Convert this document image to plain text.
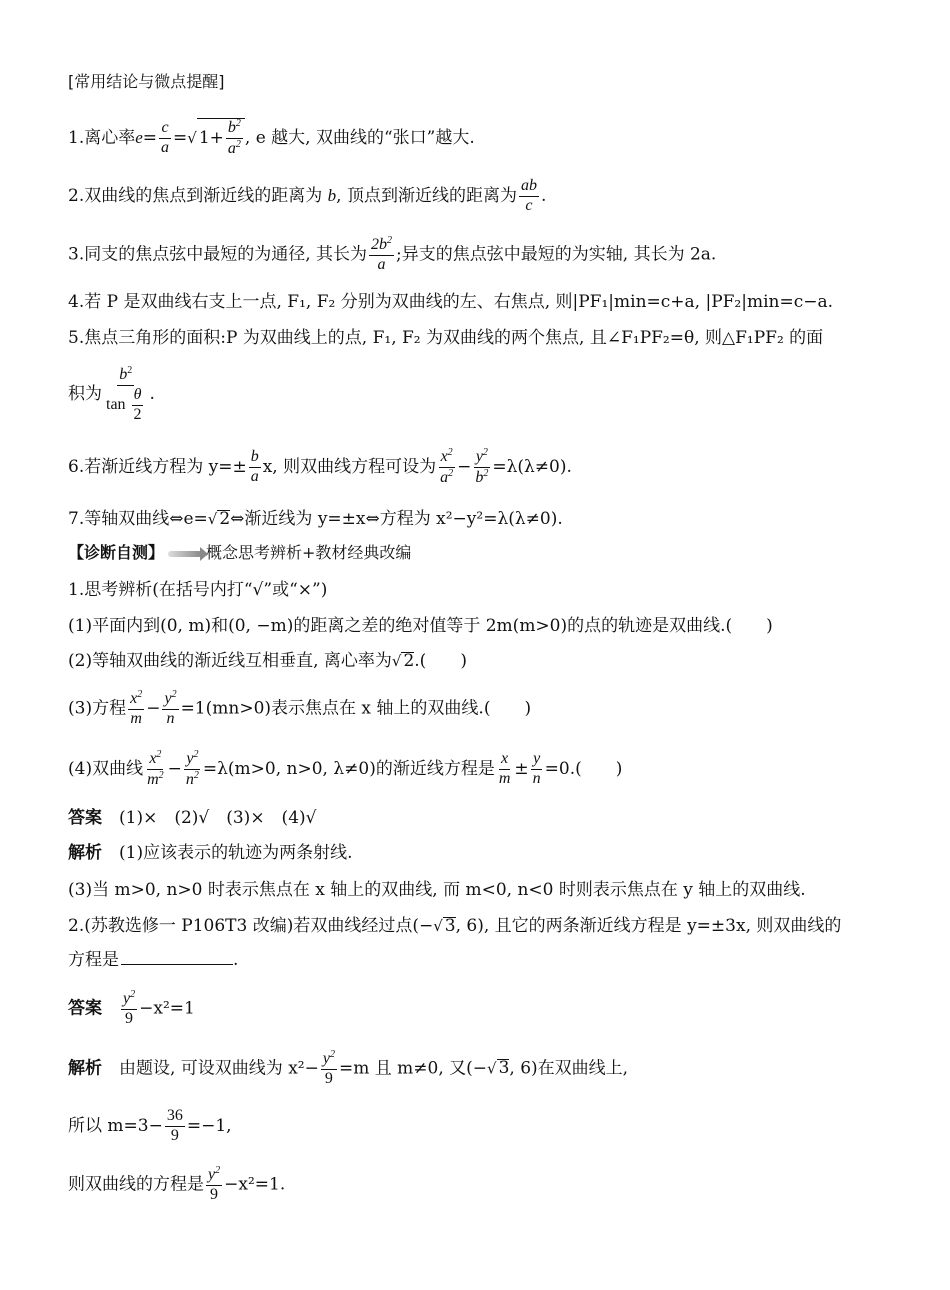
[常用结论与微点提醒]
1.离心率$e= \frac{c}{a}$ =√ $1+ \frac{b^2}{a^2}$ , e 越大, 双曲线的“张口”越大.
2.双曲线的焦点到渐近线的距离为 b, 顶点到渐近线的距离为 $\frac{ab}{c}$ .
3.同支的焦点弦中最短的为通径, 其长为 $\frac{2b^2}{a}$ ;异支的焦点弦中最短的为实轴, 其长为 2a.
4.若 P 是双曲线右支上一点, F₁, F₂ 分别为双曲线的左、右焦点, 则|PF₁|min=c+a, |PF₂|min=c−a.
5.焦点三角形的面积:P 为双曲线上的点, F₁, F₂ 为双曲线的两个焦点, 且∠F₁PF₂=θ, 则△F₁PF₂ 的面
积为 $\frac{b^2}{\tan \frac{\theta}{2}}$ .
6.若渐近线方程为 $y=\pm \frac{b}{a} x$, 则双曲线方程可设为 $\frac{x^2}{a^2} - \frac{y^2}{b^2} =\lambda(\lambda\ne 0)$.
7.等轴双曲线⇔e=√ 2⇔渐近线为 y=±x⇔方程为 x²−y²=λ(λ≠0).
【诊断自测】	概念思考辨析+教材经典改编
1.思考辨析(在括号内打“√”或“×”)
(1)平面内到(0, m)和(0, −m)的距离之差的绝对值等于 2m(m>0)的点的轨迹是双曲线.(　　)
(2)等轴双曲线的渐近线互相垂直, 离心率为√ 2.(　　)
(3)方程 $\frac{x^2}{m} - \frac{y^2}{n} =1(mn>0)$表示焦点在 x 轴上的双曲线.(　　)
(4)双曲线 $\frac{x^2}{m^2} - \frac{y^2}{n^2} =\lambda(m>0$, n>0, λ≠0)的渐近线方程是 $\frac{x}{m} \pm \frac{y}{n} =0$.(　　)
答案　 (1)×　(2)√　(3)×　(4)√
解析　 (1)应该表示的轨迹为两条射线.
(3)当 m>0, n>0 时表示焦点在 x 轴上的双曲线, 而 m<0, n<0 时则表示焦点在 y 轴上的双曲线.
2.(苏教选修一 P106T3 改编)若双曲线经过点(−√ 3, 6), 且它的两条渐近线方程是 y=±3x, 则双曲线的
方程是	.
答案　 $\frac{y^2}{9} -x^2=1$
解析　 由题设, 可设双曲线为 $x^2- \frac{y^2}{9} =m$ 且 m≠0, 又(−√ 3, 6)在双曲线上,
所以 $m=3- \frac{36}{9} =-1$,
则双曲线的方程是 $\frac{y^2}{9} -x^2=1$.
